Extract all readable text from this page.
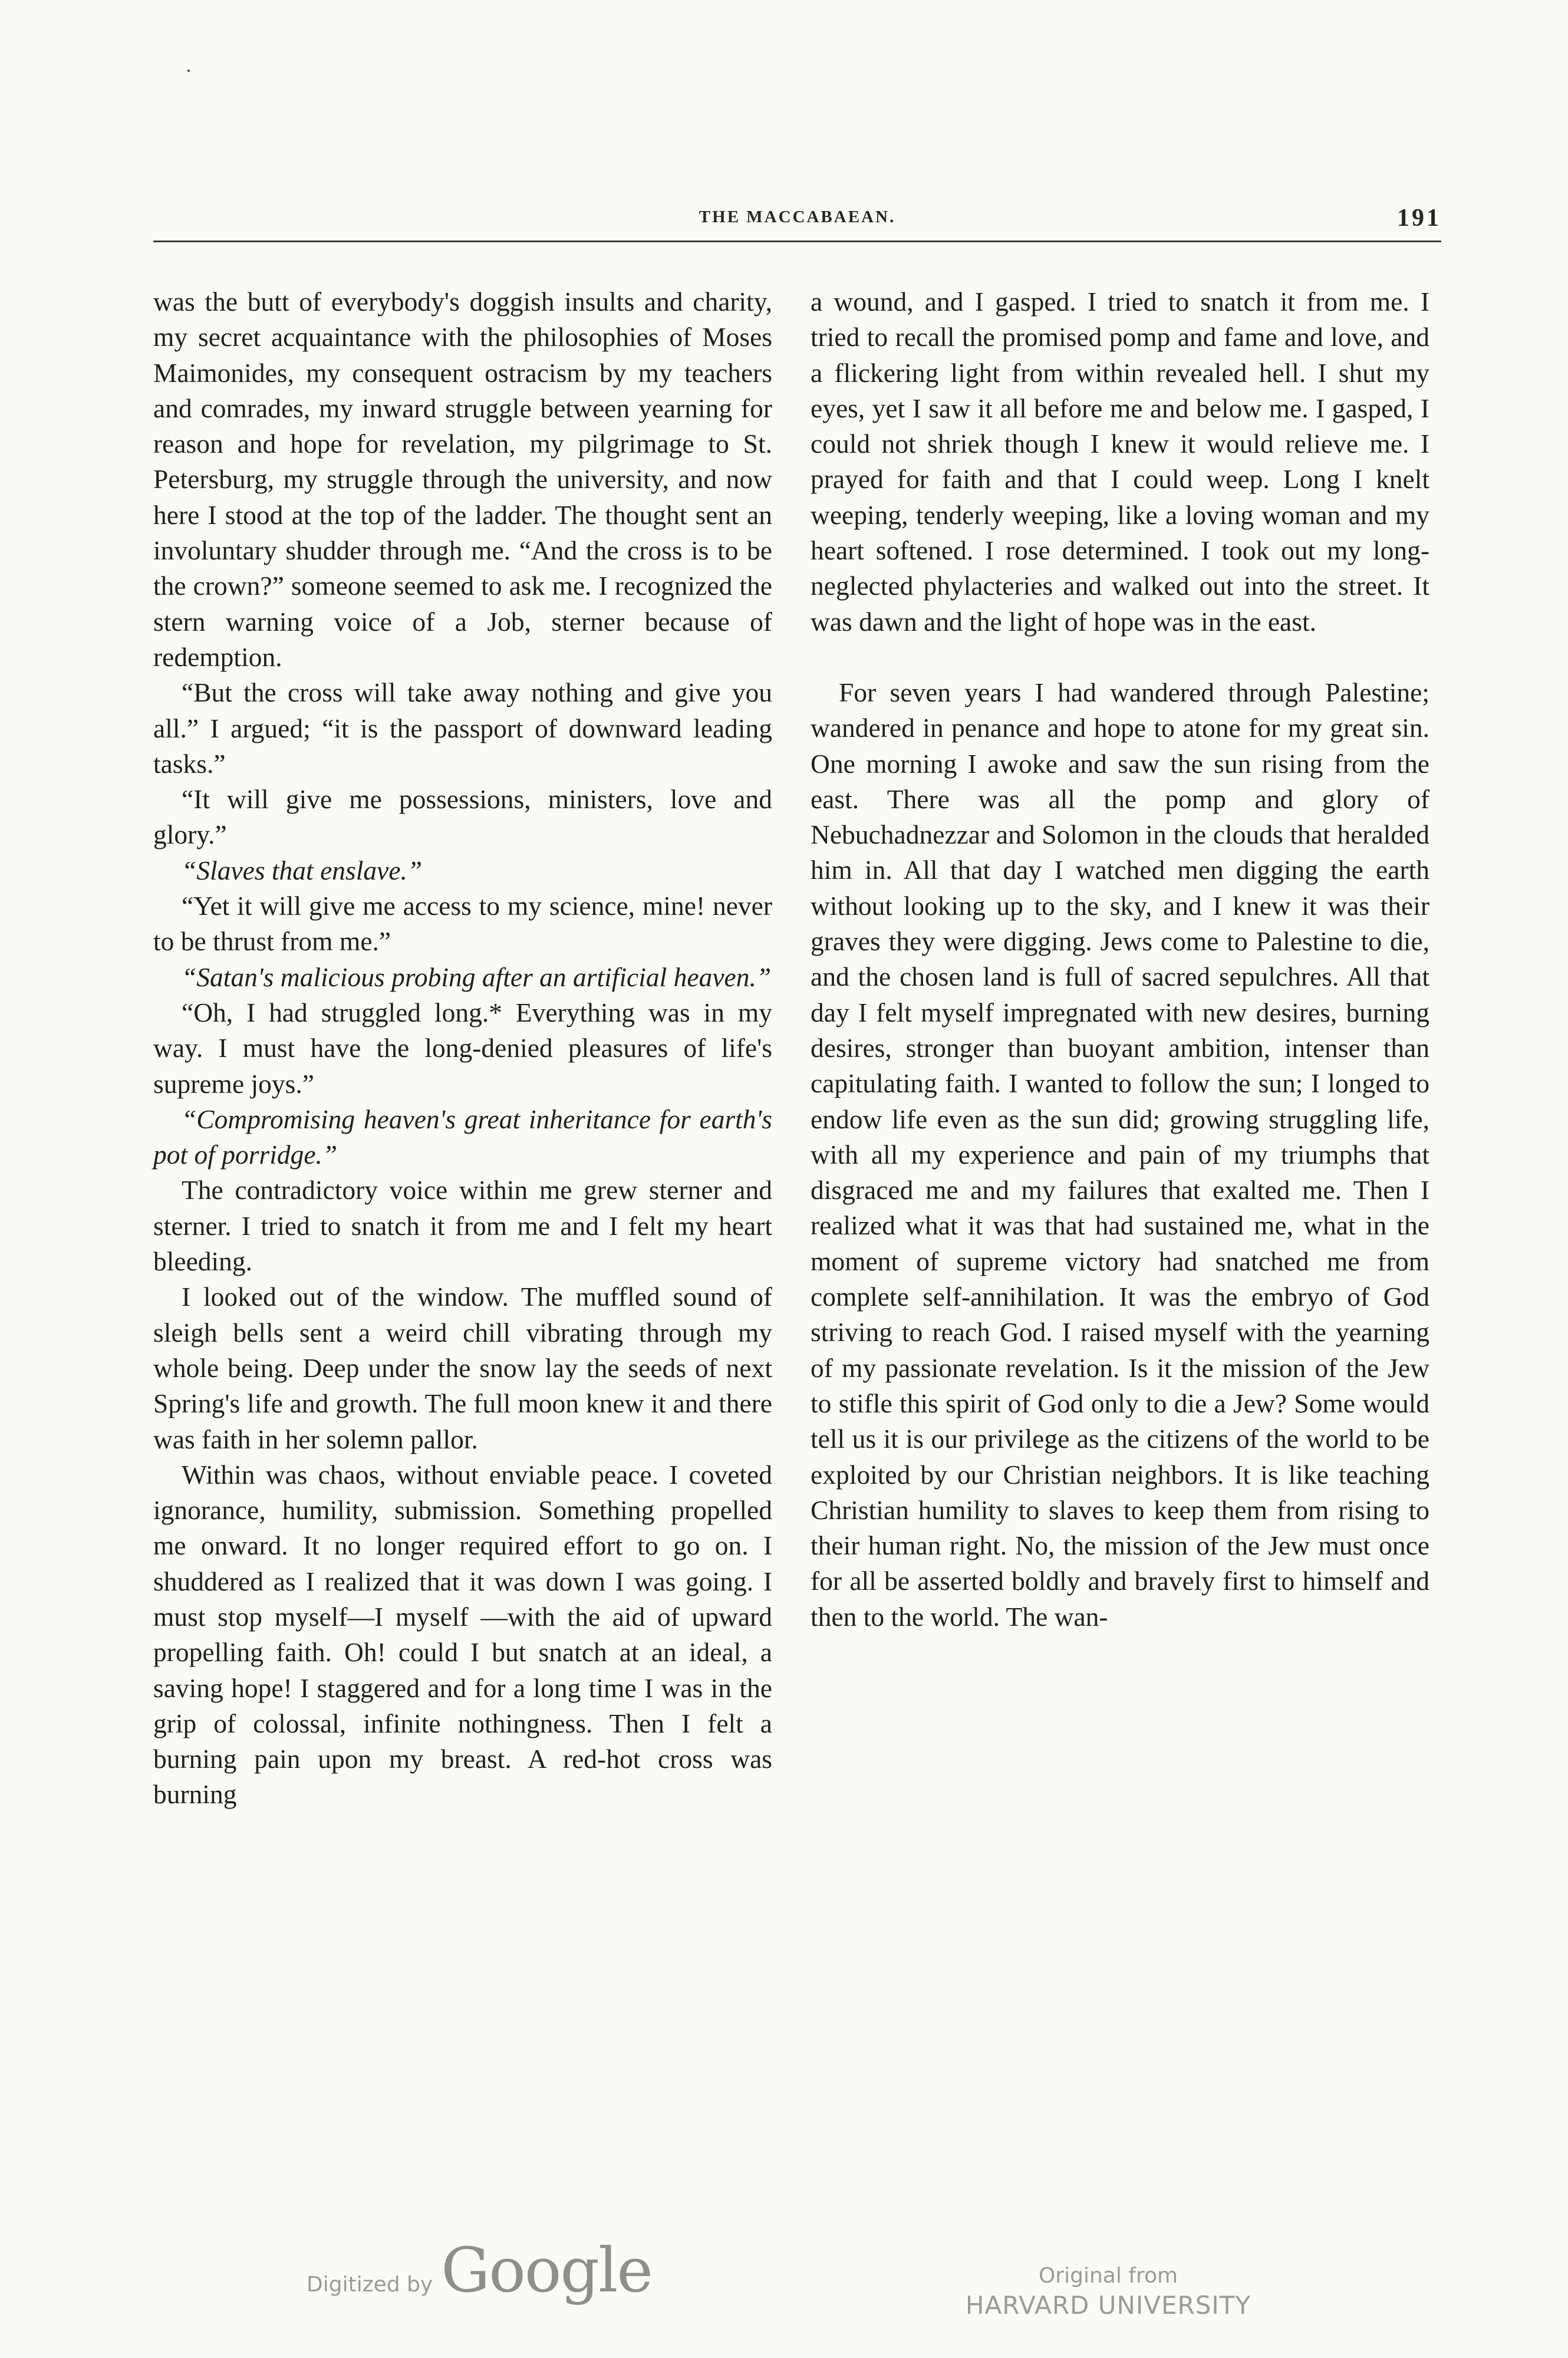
THE MACCABAEAN.	191

was the butt of everybody's doggish insults and charity, my secret acquaintance with the philosophies of Moses Maimonides, my consequent ostracism by my teachers and comrades, my inward struggle between yearning for reason and hope for revelation, my pilgrimage to St. Petersburg, my struggle through the university, and now here I stood at the top of the ladder. The thought sent an involuntary shudder through me. “And the cross is to be the crown?” someone seemed to ask me. I recognized the stern warning voice of a Job, sterner because of redemption.

“But the cross will take away nothing and give you all.” I argued; “it is the passport of downward leading tasks.”

“It will give me possessions, ministers, love and glory.”

“Slaves that enslave.”

“Yet it will give me access to my science, mine! never to be thrust from me.”

“Satan's malicious probing after an artificial heaven.”

“Oh, I had struggled long.* Everything was in my way. I must have the long-denied pleasures of life's supreme joys.”

“Compromising heaven's great inheritance for earth's pot of porridge.”

The contradictory voice within me grew sterner and sterner. I tried to snatch it from me and I felt my heart bleeding.

I looked out of the window. The muffled sound of sleigh bells sent a weird chill vibrating through my whole being. Deep under the snow lay the seeds of next Spring's life and growth. The full moon knew it and there was faith in her solemn pallor.

Within was chaos, without enviable peace. I coveted ignorance, humility, submission. Something propelled me onward. It no longer required effort to go on. I shuddered as I realized that it was down I was going. I must stop myself—I myself —with the aid of upward propelling faith. Oh! could I but snatch at an ideal, a saving hope! I staggered and for a long time I was in the grip of colossal, infinite nothingness. Then I felt a burning pain upon my breast. A red-hot cross was burning

a wound, and I gasped. I tried to snatch it from me. I tried to recall the promised pomp and fame and love, and a flickering light from within revealed hell. I shut my eyes, yet I saw it all before me and below me. I gasped, I could not shriek though I knew it would relieve me. I prayed for faith and that I could weep. Long I knelt weeping, tenderly weeping, like a loving woman and my heart softened. I rose determined. I took out my long-neglected phylacteries and walked out into the street. It was dawn and the light of hope was in the east.

For seven years I had wandered through Palestine; wandered in penance and hope to atone for my great sin. One morning I awoke and saw the sun rising from the east. There was all the pomp and glory of Nebuchadnezzar and Solomon in the clouds that heralded him in. All that day I watched men digging the earth without looking up to the sky, and I knew it was their graves they were digging. Jews come to Palestine to die, and the chosen land is full of sacred sepulchres. All that day I felt myself impregnated with new desires, burning desires, stronger than buoyant ambition, intenser than capitulating faith. I wanted to follow the sun; I longed to endow life even as the sun did; growing struggling life, with all my experience and pain of my triumphs that disgraced me and my failures that exalted me. Then I realized what it was that had sustained me, what in the moment of supreme victory had snatched me from complete self-annihilation. It was the embryo of God striving to reach God. I raised myself with the yearning of my passionate revelation. Is it the mission of the Jew to stifle this spirit of God only to die a Jew? Some would tell us it is our privilege as the citizens of the world to be exploited by our Christian neighbors. It is like teaching Christian humility to slaves to keep them from rising to their human right. No, the mission of the Jew must once for all be asserted boldly and bravely first to himself and then to the world. The wan-

Digitized by Google	Original from
HARVARD UNIVERSITY
